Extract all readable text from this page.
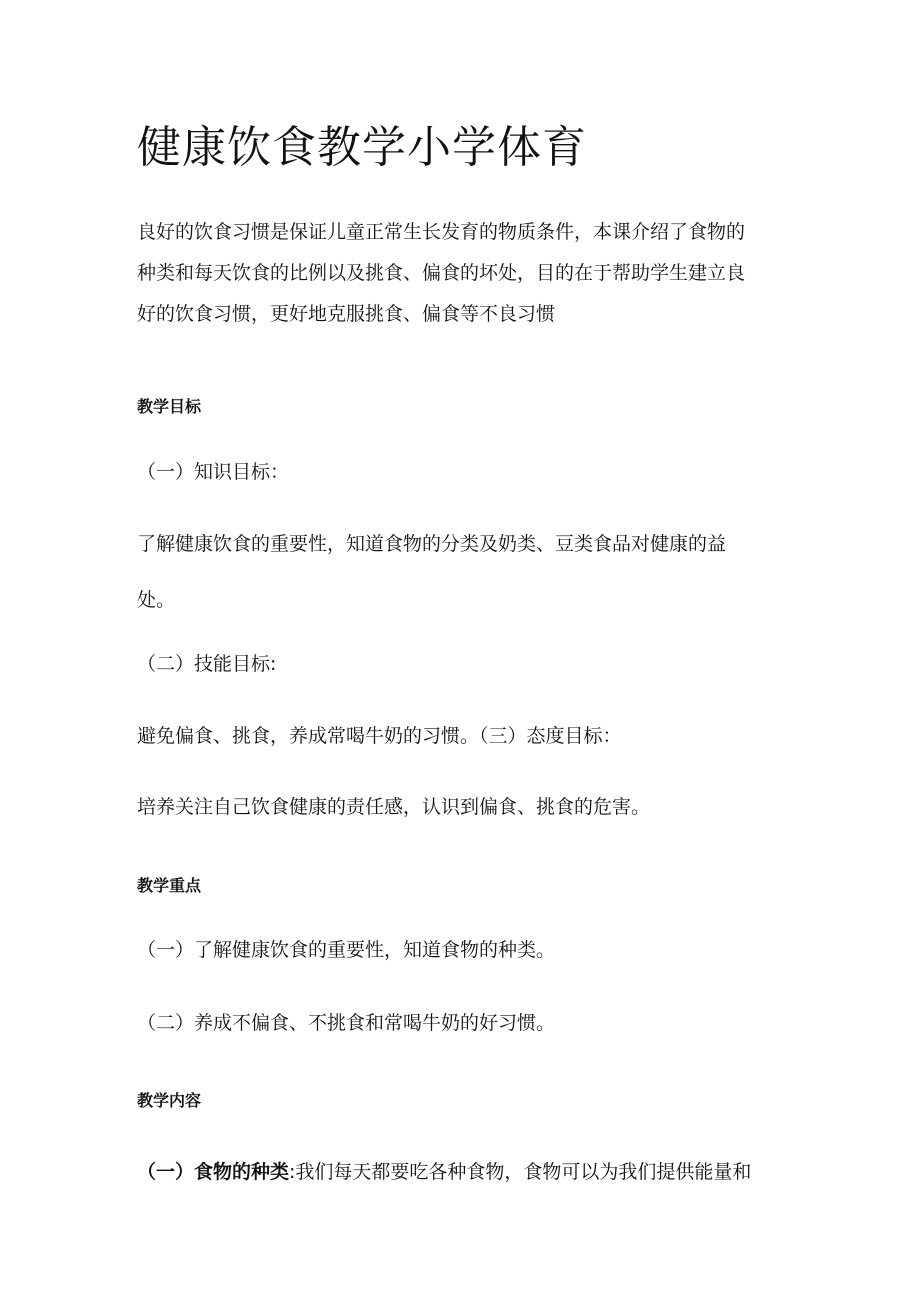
健康饮食教学小学体育

良好的饮食习惯是保证儿童正常生长发育的物质条件，本课介绍了食物的
种类和每天饮食的比例以及挑食、偏食的坏处，目的在于帮助学生建立良
好的饮食习惯，更好地克服挑食、偏食等不良习惯

教学目标

（一）知识目标：

了解健康饮食的重要性，知道食物的分类及奶类、豆类食品对健康的益
处。

（二）技能目标:

避免偏食、挑食，养成常喝牛奶的习惯。（三）态度目标：

培养关注自己饮食健康的责任感，认识到偏食、挑食的危害。

教学重点

（一）了解健康饮食的重要性，知道食物的种类。

（二）养成不偏食、不挑食和常喝牛奶的好习惯。

教学内容

（一）食物的种类:我们每天都要吃各种食物，食物可以为我们提供能量和
